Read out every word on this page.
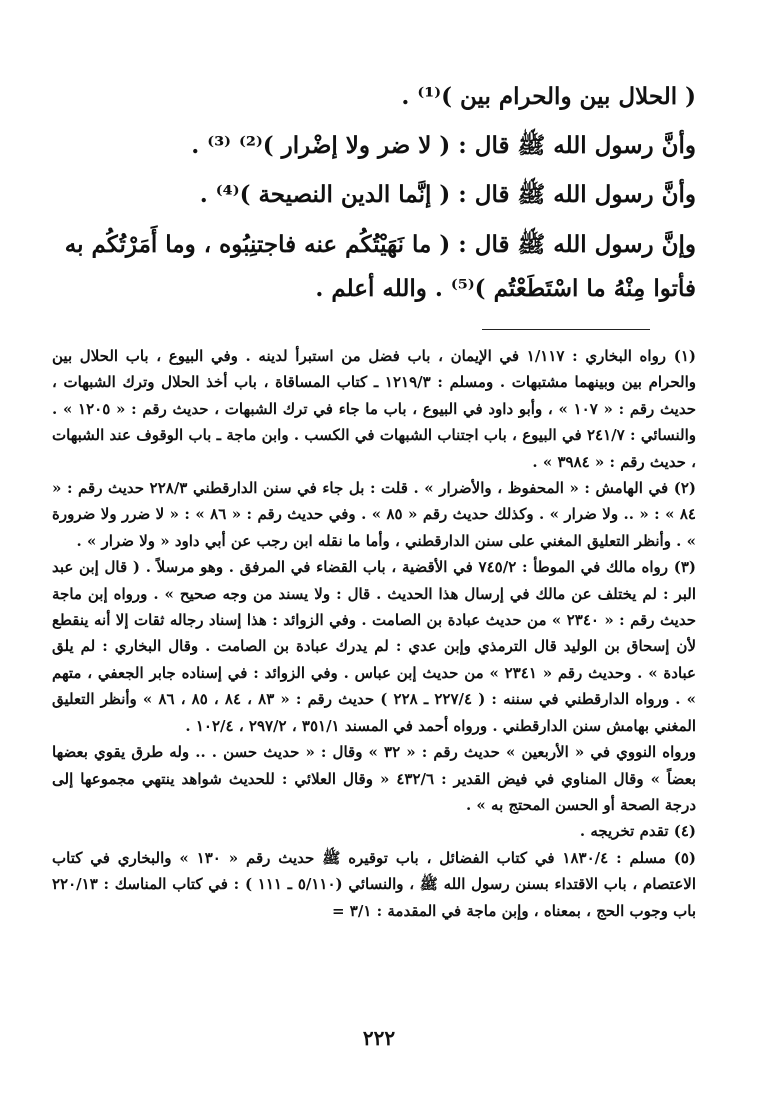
( الحلال بين والحرام بين )⁽¹⁾ .

وأنَّ رسول الله ﷺ قال : ( لا ضر ولا إضْرار )⁽²⁾ ⁽³⁾ .

وأنَّ رسول الله ﷺ قال : ( إنَّما الدين النصيحة )⁽⁴⁾ .

وإنَّ رسول الله ﷺ قال : ( ما نَهَيْتُكُم عنه فاجتنِبُوه ، وما أَمَرْتُكُم به فأتوا مِنْهُ ما اسْتَطَعْتُم )⁽⁵⁾ . والله أعلم .

(١) رواه البخاري : ١/١١٧ في الإيمان ، باب فضل من استبرأ لدينه . وفي البيوع ، باب الحلال بين والحرام بين وبينهما مشتبهات . ومسلم : ١٢١٩/٣ ـ كتاب المساقاة ، باب أخذ الحلال وترك الشبهات ، حديث رقم : « ١٠٧ » ، وأبو داود في البيوع ، باب ما جاء في ترك الشبهات ، حديث رقم : « ١٢٠٥ » . والنسائي : ٢٤١/٧ في البيوع ، باب اجتناب الشبهات في الكسب . وابن ماجة ـ باب الوقوف عند الشبهات ، حديث رقم : « ٣٩٨٤ » .

(٢) في الهامش : « المحفوظ ، والأضرار » . قلت : بل جاء في سنن الدارقطني ٢٢٨/٣ حديث رقم : « ٨٤ » : « .. ولا ضرار » . وكذلك حديث رقم « ٨٥ » . وفي حديث رقم : « ٨٦ » : « لا ضرر ولا ضرورة » . وأنظر التعليق المغني على سنن الدارقطني ، وأما ما نقله ابن رجب عن أبي داود « ولا ضرار » .

(٣) رواه مالك في الموطأ : ٧٤٥/٢ في الأقضية ، باب القضاء في المرفق . وهو مرسلاً . ( قال إبن عبد البر : لم يختلف عن مالك في إرسال هذا الحديث . قال : ولا يسند من وجه صحيح » . ورواه إبن ماجة حديث رقم : « ٢٣٤٠ » من حديث عبادة بن الصامت . وفي الزوائد : هذا إسناد رجاله ثقات إلا أنه ينقطع لأن إسحاق بن الوليد قال الترمذي وإبن عدي : لم يدرك عبادة بن الصامت . وقال البخاري : لم يلق عبادة » . وحديث رقم « ٢٣٤١ » من حديث إبن عباس . وفي الزوائد : في إسناده جابر الجعفي ، متهم » . ورواه الدارقطني في سننه : ( ٢٢٧/٤ ـ ٢٢٨ ) حديث رقم : « ٨٣ ، ٨٤ ، ٨٥ ، ٨٦ » وأنظر التعليق المغني بهامش سنن الدارقطني . ورواه أحمد في المسند ٣٥١/١ ، ٢٩٧/٢ ، ١٠٢/٤ .

ورواه النووي في « الأربعين » حديث رقم : « ٣٢ » وقال : « حديث حسن . .. وله طرق يقوي بعضها بعضاً » وقال المناوي في فيض القدير : ٤٣٢/٦ « وقال العلائي : للحديث شواهد ينتهي مجموعها إلى درجة الصحة أو الحسن المحتج به » .

(٤) تقدم تخريجه .

(٥) مسلم : ١٨٣٠/٤ في كتاب الفضائل ، باب توقيره ﷺ حديث رقم « ١٣٠ » والبخاري في كتاب الاعتصام ، باب الاقتداء بسنن رسول الله ﷺ ، والنسائي (٥/١١٠ ـ ١١١ ) : في كتاب المناسك : ٢٢٠/١٣ باب وجوب الحج ، بمعناه ، وإبن ماجة في المقدمة : ٣/١ =

٢٢٢
